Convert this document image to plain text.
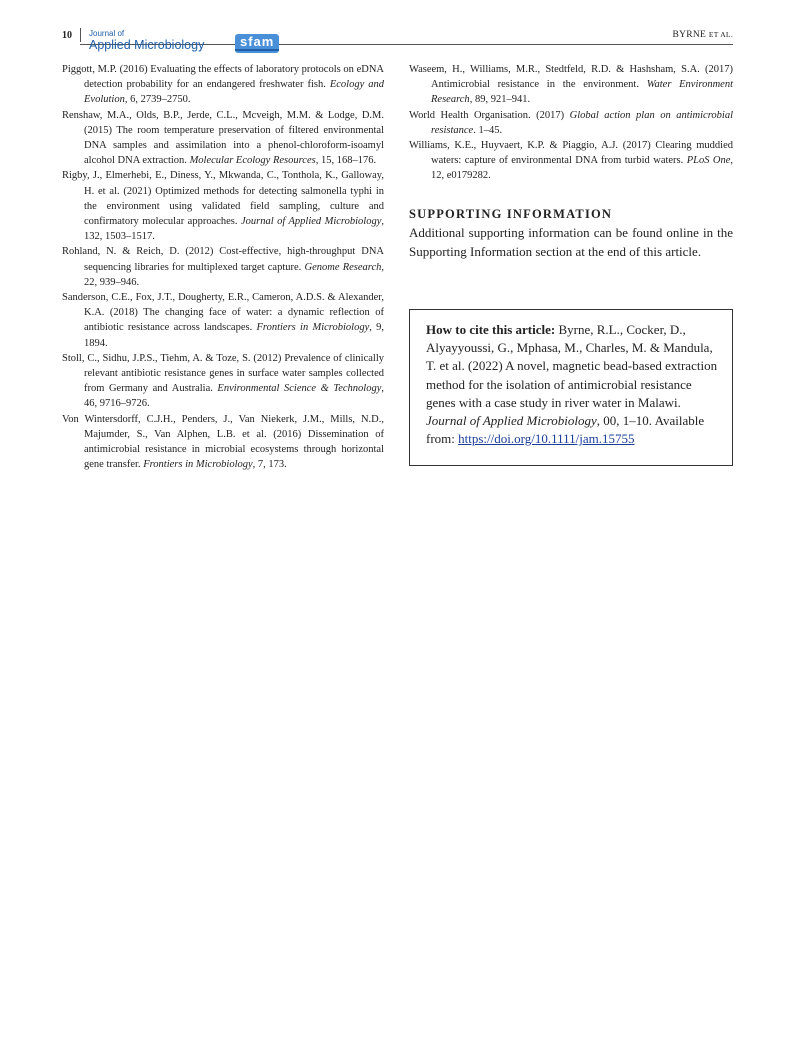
10 Journal of
Applied Microbiology	sfam	BYRNE ET AL.

Piggott, M.P. (2016) Evaluating the effects of laboratory protocols on eDNA detection probability for an endangered freshwater fish. Ecology and Evolution, 6, 2739–2750.

Renshaw, M.A., Olds, B.P., Jerde, C.L., Mcveigh, M.M. & Lodge, D.M. (2015) The room temperature preservation of filtered environmental DNA samples and assimilation into a phenol-chloroform-isoamyl alcohol DNA extraction. Molecular Ecology Resources, 15, 168–176.

Rigby, J., Elmerhebi, E., Diness, Y., Mkwanda, C., Tonthola, K., Galloway, H. et al. (2021) Optimized methods for detecting salmonella typhi in the environment using validated field sampling, culture and confirmatory molecular approaches. Journal of Applied Microbiology, 132, 1503–1517.

Rohland, N. & Reich, D. (2012) Cost-effective, high-throughput DNA sequencing libraries for multiplexed target capture. Genome Research, 22, 939–946.

Sanderson, C.E., Fox, J.T., Dougherty, E.R., Cameron, A.D.S. & Alexander, K.A. (2018) The changing face of water: a dynamic reflection of antibiotic resistance across landscapes. Frontiers in Microbiology, 9, 1894.

Stoll, C., Sidhu, J.P.S., Tiehm, A. & Toze, S. (2012) Prevalence of clinically relevant antibiotic resistance genes in surface water samples collected from Germany and Australia. Environmental Science & Technology, 46, 9716–9726.

Von Wintersdorff, C.J.H., Penders, J., Van Niekerk, J.M., Mills, N.D., Majumder, S., Van Alphen, L.B. et al. (2016) Dissemination of antimicrobial resistance in microbial ecosystems through horizontal gene transfer. Frontiers in Microbiology, 7, 173.

Waseem, H., Williams, M.R., Stedtfeld, R.D. & Hashsham, S.A. (2017) Antimicrobial resistance in the environment. Water Environment Research, 89, 921–941.

World Health Organisation. (2017) Global action plan on antimicrobial resistance. 1–45.

Williams, K.E., Huyvaert, K.P. & Piaggio, A.J. (2017) Clearing muddied waters: capture of environmental DNA from turbid waters. PLoS One, 12, e0179282.

SUPPORTING INFORMATION

Additional supporting information can be found online in the Supporting Information section at the end of this article.

How to cite this article: Byrne, R.L., Cocker, D., Alyayyoussi, G., Mphasa, M., Charles, M. & Mandula, T. et al. (2022) A novel, magnetic bead-based extraction method for the isolation of antimicrobial resistance genes with a case study in river water in Malawi. Journal of Applied Microbiology, 00, 1–10. Available from: https://doi.org/10.1111/jam.15755
